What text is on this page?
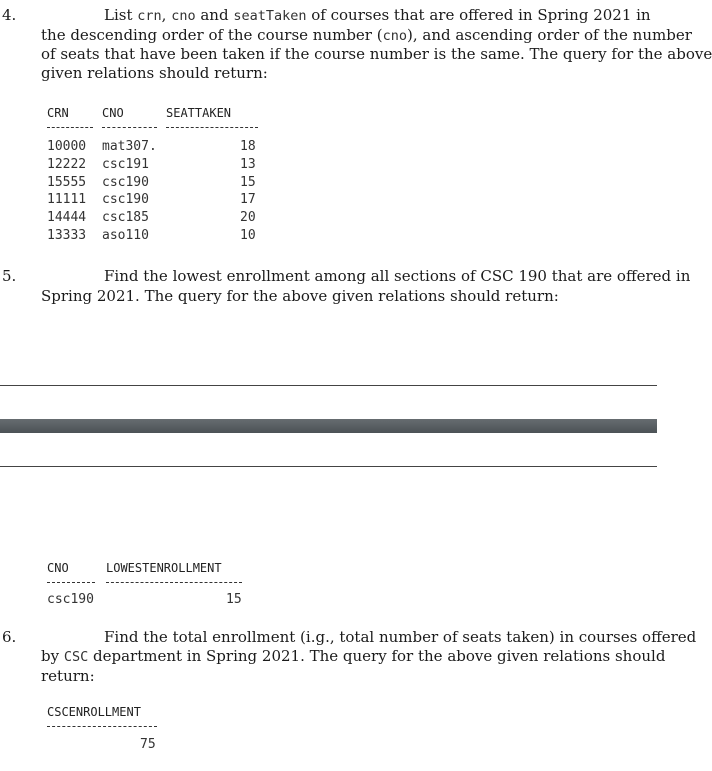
4.	List crn, cno and seatTaken of courses that are offered in Spring 2021 in
the descending order of the course number (cno), and ascending order of the number
of seats that have been taken if the course number is the same. The query for the above
given relations should return:
CRN	CNO	SEATTAKEN
10000 mat307.	18
12222 csc191	13
15555 csc190	15
11111 csc190	17
14444 csc185	20
13333 aso110	10
5.	Find the lowest enrollment among all sections of CSC 190 that are offered in
Spring 2021. The query for the above given relations should return:
CNO	LOWESTENROLLMENT
csc190	15
6.	Find the total enrollment (i.g., total number of seats taken) in courses offered
by CSC department in Spring 2021. The query for the above given relations should
return:
CSCENROLLMENT
75
